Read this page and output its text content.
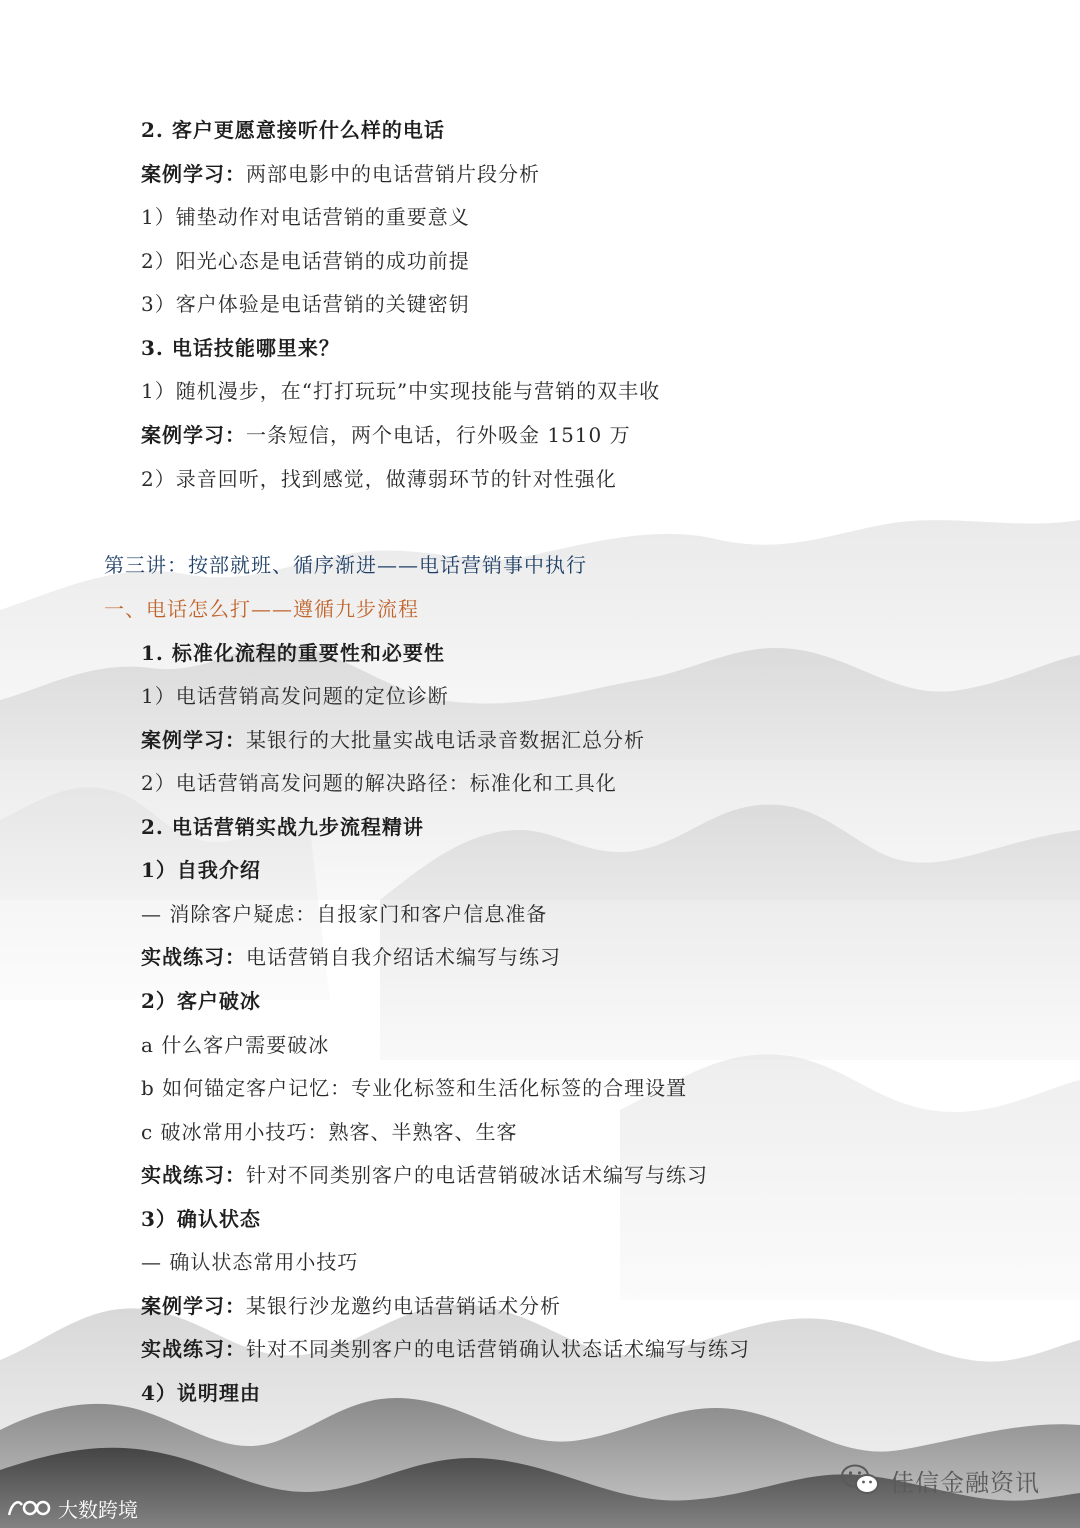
2. 客户更愿意接听什么样的电话
案例学习：两部电影中的电话营销片段分析
1）铺垫动作对电话营销的重要意义
2）阳光心态是电话营销的成功前提
3）客户体验是电话营销的关键密钥
3. 电话技能哪里来？
1）随机漫步，在“打打玩玩”中实现技能与营销的双丰收
案例学习：一条短信，两个电话，行外吸金 1510 万
2）录音回听，找到感觉，做薄弱环节的针对性强化
第三讲：按部就班、循序渐进——电话营销事中执行
一、电话怎么打——遵循九步流程
1. 标准化流程的重要性和必要性
1）电话营销高发问题的定位诊断
案例学习：某银行的大批量实战电话录音数据汇总分析
2）电话营销高发问题的解决路径：标准化和工具化
2. 电话营销实战九步流程精讲
1）自我介绍
— 消除客户疑虑：自报家门和客户信息准备
实战练习：电话营销自我介绍话术编写与练习
2）客户破冰
a 什么客户需要破冰
b 如何锚定客户记忆：专业化标签和生活化标签的合理设置
c 破冰常用小技巧：熟客、半熟客、生客
实战练习：针对不同类别客户的电话营销破冰话术编写与练习
3）确认状态
— 确认状态常用小技巧
案例学习：某银行沙龙邀约电话营销话术分析
实战练习：针对不同类别客户的电话营销确认状态话术编写与练习
4）说明理由
大数跨境
佳信金融资讯
